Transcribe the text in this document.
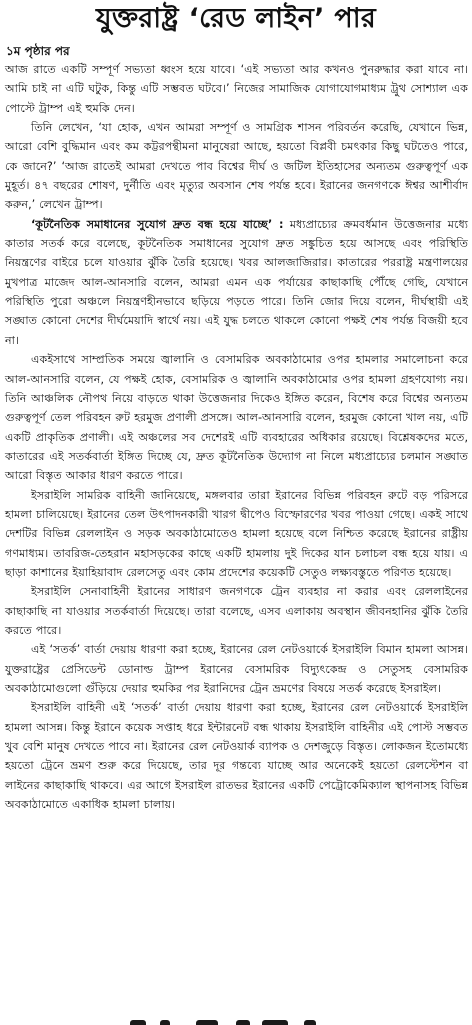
যুক্তরাষ্ট্র ‘রেড লাইন’ পার

১ম পৃষ্ঠার পর

আজ রাতে একটি সম্পূর্ণ সভ্যতা ধ্বংস হয়ে যাবে। ‘এই সভ্যতা আর কখনও পুনরুদ্ধার করা যাবে না। আমি চাই না এটি ঘটুক, কিন্তু এটি সম্ভবত ঘটবে।’ নিজের সামাজিক যোগাযোগমাধ্যম ট্রুথ সোশ্যাল এক পোস্টে ট্রাম্প এই হুমকি দেন।

তিনি লেখেন, ‘যা হোক, এখন আমরা সম্পূর্ণ ও সামগ্রিক শাসন পরিবর্তন করেছি, যেখানে ভিন্ন, আরো বেশি বুদ্ধিমান এবং কম কট্টরপন্থীমনা মানুষেরা আছে, হয়তো বিপ্লবী চমৎকার কিছু ঘটতেও পারে, কে জানে?’ ‘আজ রাতেই আমরা দেখতে পাব বিশ্বের দীর্ঘ ও জটিল ইতিহাসের অন্যতম গুরুত্বপূর্ণ এক মুহূর্ত। ৪৭ বছরের শোষণ, দুর্নীতি এবং মৃত্যুর অবসান শেষ পর্যন্ত হবে। ইরানের জনগণকে ঈশ্বর আশীর্বাদ করুন,’ লেখেন ট্রাম্প।

‘কূটনৈতিক সমাধানের সুযোগ দ্রুত বন্ধ হয়ে যাচ্ছে’ : মধ্যপ্রাচ্যের ক্রমবর্ধমান উত্তেজনার মধ্যে কাতার সতর্ক করে বলেছে, কূটনৈতিক সমাধানের সুযোগ দ্রুত সঙ্কুচিত হয়ে আসছে এবং পরিস্থিতি নিয়ন্ত্রণের বাইরে চলে যাওয়ার ঝুঁকি তৈরি হয়েছে। খবর আলজাজিরার। কাতারের পররাষ্ট্র মন্ত্রণালয়ের মুখপাত্র মাজেদ আল-আনসারি বলেন, আমরা এমন এক পর্যায়ের কাছাকাছি পৌঁছে গেছি, যেখানে পরিস্থিতি পুরো অঞ্চলে নিয়ন্ত্রণহীনভাবে ছড়িয়ে পড়তে পারে। তিনি জোর দিয়ে বলেন, দীর্ঘস্থায়ী এই সঙ্ঘাত কোনো দেশের দীর্ঘমেয়াদি স্বার্থে নয়। এই যুদ্ধ চলতে থাকলে কোনো পক্ষই শেষ পর্যন্ত বিজয়ী হবে না।

একইসাথে সাম্প্রতিক সময়ে জ্বালানি ও বেসামরিক অবকাঠামোর ওপর হামলার সমালোচনা করে আল-আনসারি বলেন, যে পক্ষই হোক, বেসামরিক ও জ্বালানি অবকাঠামোর ওপর হামলা গ্রহণযোগ্য নয়। তিনি আঞ্চলিক নৌপথ নিয়ে বাড়তে থাকা উত্তেজনার দিকেও ইঙ্গিত করেন, বিশেষ করে বিশ্বের অন্যতম গুরুত্বপূর্ণ তেল পরিবহন রুট হরমুজ প্রণালী প্রসঙ্গে। আল-আনসারি বলেন, হরমুজ কোনো খাল নয়, এটি একটি প্রাকৃতিক প্রণালী। এই অঞ্চলের সব দেশেরই এটি ব্যবহারের অধিকার রয়েছে। বিশ্লেষকদের মতে, কাতারের এই সতর্কবার্তা ইঙ্গিত দিচ্ছে যে, দ্রুত কূটনৈতিক উদ্যোগ না নিলে মধ্যপ্রাচ্যের চলমান সঙ্ঘাত আরো বিস্তৃত আকার ধারণ করতে পারে।

ইসরাইলি সামরিক বাহিনী জানিয়েছে, মঙ্গলবার তারা ইরানের বিভিন্ন পরিবহন রুটে বড় পরিসরে হামলা চালিয়েছে। ইরানের তেল উৎপাদনকারী খারগ দ্বীপেও বিস্ফোরণের খবর পাওয়া গেছে। একই সাথে দেশটির বিভিন্ন রেললাইন ও সড়ক অবকাঠামোতেও হামলা হয়েছে বলে নিশ্চিত করেছে ইরানের রাষ্ট্রীয় গণমাধ্যম। তাবরিজ-তেহরান মহাসড়কের কাছে একটি হামলায় দুই দিকের যান চলাচল বন্ধ হয়ে যায়। এ ছাড়া কাশানের ইয়াহিয়াবাদ রেলসেতু এবং কোম প্রদেশের কয়েকটি সেতুও লক্ষ্যবস্তুতে পরিণত হয়েছে।

ইসরাইলি সেনাবাহিনী ইরানের সাধারণ জনগণকে ট্রেন ব্যবহার না করার এবং রেললাইনের কাছাকাছি না যাওয়ার সতর্কবার্তা দিয়েছে। তারা বলেছে, এসব এলাকায় অবস্থান জীবনহানির ঝুঁকি তৈরি করতে পারে।

এই ‘সতর্ক’ বার্তা দেয়ায় ধারণা করা হচ্ছে, ইরানের রেল নেটওয়ার্কে ইসরাইলি বিমান হামলা আসন্ন। যুক্তরাষ্ট্রের প্রেসিডেন্ট ডোনাল্ড ট্রাম্প ইরানের বেসামরিক বিদ্যুৎকেন্দ্র ও সেতুসহ বেসামরিক অবকাঠামোগুলো গুঁড়িয়ে দেয়ার হুমকির পর ইরানিদের ট্রেন ভ্রমণের বিষয়ে সতর্ক করেছে ইসরাইল।

ইসরাইলি বাহিনী এই ‘সতর্ক’ বার্তা দেয়ায় ধারণা করা হচ্ছে, ইরানের রেল নেটওয়ার্কে ইসরাইলি হামলা আসন্ন। কিন্তু ইরানে কয়েক সপ্তাহ ধরে ইন্টারনেট বন্ধ থাকায় ইসরাইলি বাহিনীর এই পোস্ট সম্ভবত খুব বেশি মানুষ দেখতে পাবে না। ইরানের রেল নেটওয়ার্ক ব্যাপক ও দেশজুড়ে বিস্তৃত। লোকজন ইতোমধ্যে হয়তো ট্রেনে ভ্রমণ শুরু করে দিয়েছে, তার দূর গন্তব্যে যাচ্ছে আর অনেকেই হয়তো রেলস্টেশন বা লাইনের কাছাকাছি থাকবে। এর আগে ইসরাইল রাতভর ইরানের একটি পেট্রোকেমিক্যাল স্থাপনাসহ বিভিন্ন অবকাঠামোতে একাধিক হামলা চালায়।
